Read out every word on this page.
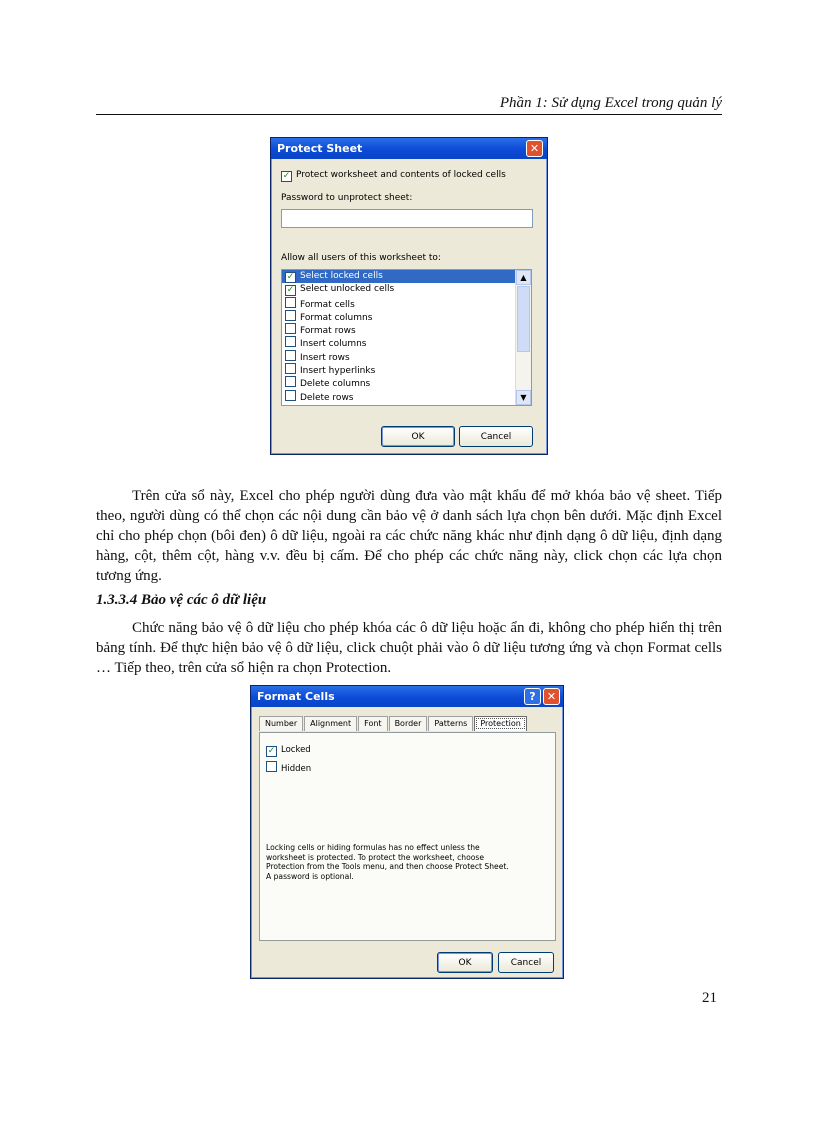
Phần 1: Sử dụng Excel trong quản lý
Protect Sheet	✕
✓ Protect worksheet and contents of locked cells
Password to unprotect sheet:
Allow all users of this worksheet to:
✓ Select locked cells
✓ Select unlocked cells
Format cells
Format columns
Format rows
Insert columns
Insert rows
Insert hyperlinks
Delete columns
Delete rows
▲
▼
OK	Cancel
Trên cửa sổ này, Excel cho phép người dùng đưa vào mật khẩu để mở khóa bảo vệ sheet. Tiếp theo, người dùng có thể chọn các nội dung cần bảo vệ ở danh sách lựa chọn bên dưới. Mặc định Excel chỉ cho phép chọn (bôi đen) ô dữ liệu, ngoài ra các chức năng khác như định dạng ô dữ liệu, định dạng hàng, cột, thêm cột, hàng v.v. đều bị cấm. Để cho phép các chức năng này, click chọn các lựa chọn tương ứng.
1.3.3.4 Bảo vệ các ô dữ liệu
Chức năng bảo vệ ô dữ liệu cho phép khóa các ô dữ liệu hoặc ẩn đi, không cho phép hiển thị trên bảng tính. Để thực hiện bảo vệ ô dữ liệu, click chuột phải vào ô dữ liệu tương ứng và chọn Format cells … Tiếp theo, trên cửa sổ hiện ra chọn Protection.
Format Cells	?	✕
Number Alignment Font Border Patterns Protection
✓ Locked
Hidden
Locking cells or hiding formulas has no effect unless the worksheet is protected. To protect the worksheet, choose Protection from the Tools menu, and then choose Protect Sheet. A password is optional.
OK	Cancel
21
